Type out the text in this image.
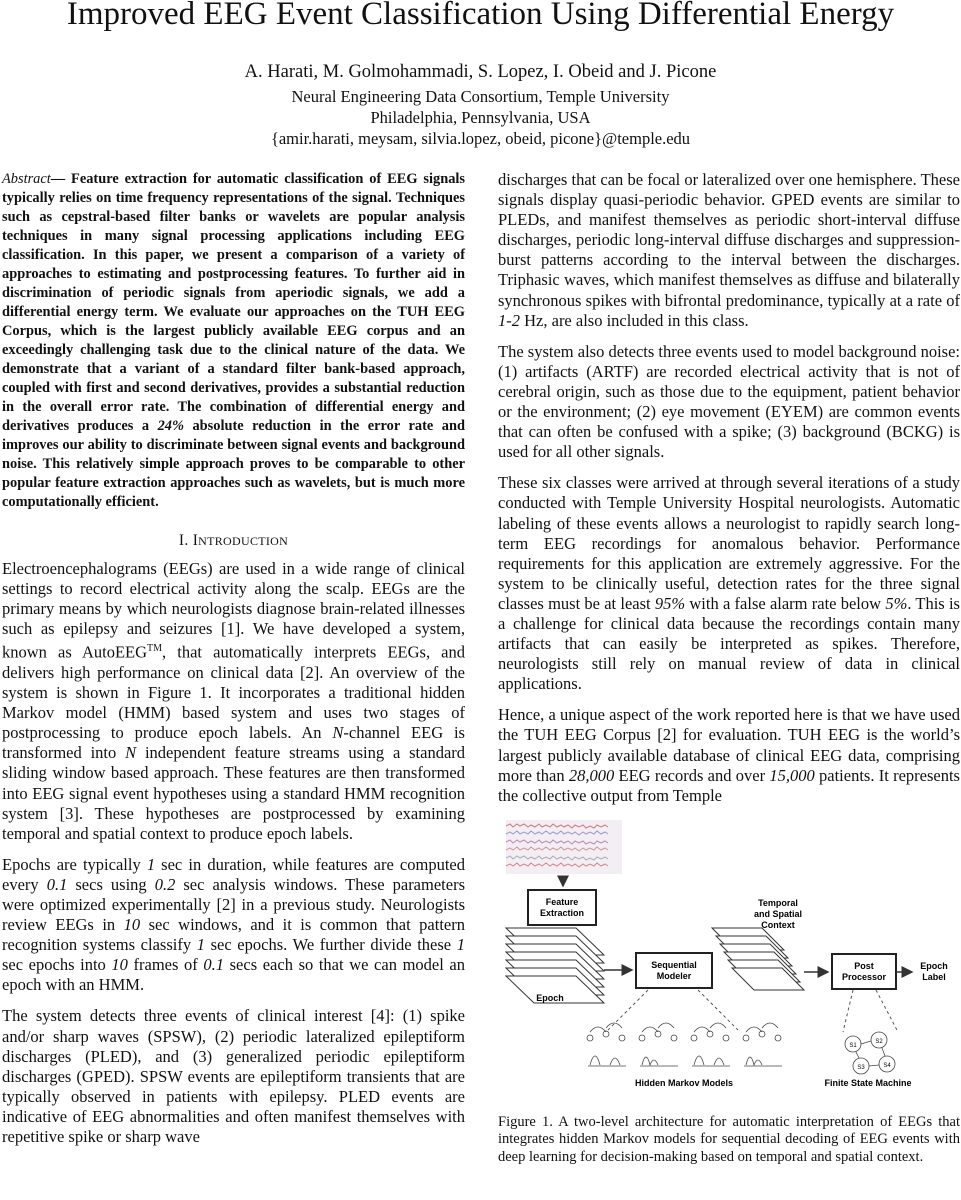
Improved EEG Event Classification Using Differential Energy
A. Harati, M. Golmohammadi, S. Lopez, I. Obeid and J. Picone
Neural Engineering Data Consortium, Temple University
Philadelphia, Pennsylvania, USA
{amir.harati, meysam, silvia.lopez, obeid, picone}@temple.edu

Abstract— Feature extraction for automatic classification of EEG signals typically relies on time frequency representations of the signal. Techniques such as cepstral-based filter banks or wavelets are popular analysis techniques in many signal processing applications including EEG classification. In this paper, we present a comparison of a variety of approaches to estimating and postprocessing features. To further aid in discrimination of periodic signals from aperiodic signals, we add a differential energy term. We evaluate our approaches on the TUH EEG Corpus, which is the largest publicly available EEG corpus and an exceedingly challenging task due to the clinical nature of the data. We demonstrate that a variant of a standard filter bank-based approach, coupled with first and second derivatives, provides a substantial reduction in the overall error rate. The combination of differential energy and derivatives produces a 24% absolute reduction in the error rate and improves our ability to discriminate between signal events and background noise. This relatively simple approach proves to be comparable to other popular feature extraction approaches such as wavelets, but is much more computationally efficient.

I. INTRODUCTION

Electroencephalograms (EEGs) are used in a wide range of clinical settings to record electrical activity along the scalp. EEGs are the primary means by which neurologists diagnose brain-related illnesses such as epilepsy and seizures [1]. We have developed a system, known as AutoEEG™, that automatically interprets EEGs, and delivers high performance on clinical data [2]. An overview of the system is shown in Figure 1. It incorporates a traditional hidden Markov model (HMM) based system and uses two stages of postprocessing to produce epoch labels. An N-channel EEG is transformed into N independent feature streams using a standard sliding window based approach. These features are then transformed into EEG signal event hypotheses using a standard HMM recognition system [3]. These hypotheses are postprocessed by examining temporal and spatial context to produce epoch labels.

Epochs are typically 1 sec in duration, while features are computed every 0.1 secs using 0.2 sec analysis windows. These parameters were optimized experimentally [2] in a previous study. Neurologists review EEGs in 10 sec windows, and it is common that pattern recognition systems classify 1 sec epochs. We further divide these 1 sec epochs into 10 frames of 0.1 secs each so that we can model an epoch with an HMM.

The system detects three events of clinical interest [4]: (1) spike and/or sharp waves (SPSW), (2) periodic lateralized epileptiform discharges (PLED), and (3) generalized periodic epileptiform discharges (GPED). SPSW events are epileptiform transients that are typically observed in patients with epilepsy. PLED events are indicative of EEG abnormalities and often manifest themselves with repetitive spike or sharp wave

discharges that can be focal or lateralized over one hemisphere. These signals display quasi-periodic behavior. GPED events are similar to PLEDs, and manifest themselves as periodic short-interval diffuse discharges, periodic long-interval diffuse discharges and suppression-burst patterns according to the interval between the discharges. Triphasic waves, which manifest themselves as diffuse and bilaterally synchronous spikes with bifrontal predominance, typically at a rate of 1-2 Hz, are also included in this class.

The system also detects three events used to model background noise: (1) artifacts (ARTF) are recorded electrical activity that is not of cerebral origin, such as those due to the equipment, patient behavior or the environment; (2) eye movement (EYEM) are common events that can often be confused with a spike; (3) background (BCKG) is used for all other signals.

These six classes were arrived at through several iterations of a study conducted with Temple University Hospital neurologists. Automatic labeling of these events allows a neurologist to rapidly search long-term EEG recordings for anomalous behavior. Performance requirements for this application are extremely aggressive. For the system to be clinically useful, detection rates for the three signal classes must be at least 95% with a false alarm rate below 5%. This is a challenge for clinical data because the recordings contain many artifacts that can easily be interpreted as spikes. Therefore, neurologists still rely on manual review of data in clinical applications.

Hence, a unique aspect of the work reported here is that we have used the TUH EEG Corpus [2] for evaluation. TUH EEG is the world’s largest publicly available database of clinical EEG data, comprising more than 28,000 EEG records and over 15,000 patients. It represents the collective output from Temple

Feature
Extraction
Epoch
Sequential
Modeler
Temporal
and Spatial
Context
Post
Processor
Epoch
Label
Hidden Markov Models
S1
S2
S3	S4
Finite State Machine

Figure 1. A two-level architecture for automatic interpretation of EEGs that integrates hidden Markov models for sequential decoding of EEG events with deep learning for decision-making based on temporal and spatial context.
